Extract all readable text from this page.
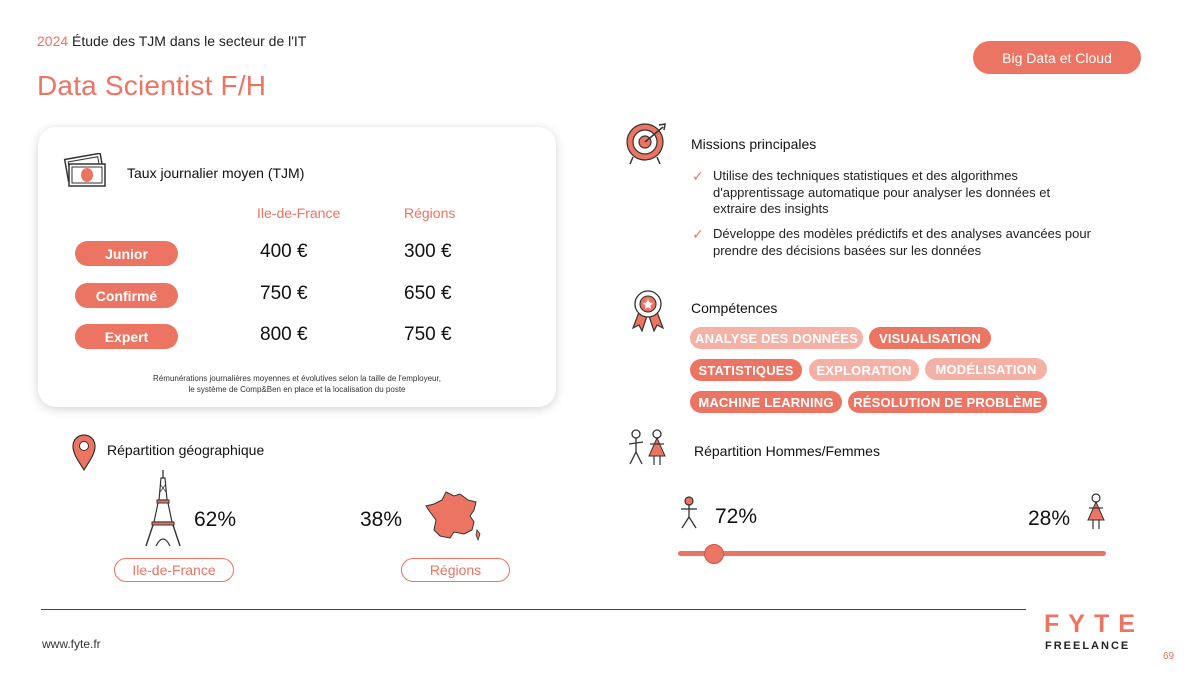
2024 Étude des TJM dans le secteur de l'IT
Data Scientist F/H
Big Data et Cloud
Taux journalier moyen (TJM)
Ile-de-France	Régions
Junior	400 €	300 €
Confirmé	750 €	650 €
Expert	800 €	750 €
Rémunérations journalières moyennes et évolutives selon la taille de l'employeur,
le système de Comp&Ben en place et la localisation du poste
Missions principales
✓ Utilise des techniques statistiques et des algorithmes d'apprentissage automatique pour analyser les données et extraire des insights
✓ Développe des modèles prédictifs et des analyses avancées pour prendre des décisions basées sur les données
Compétences
ANALYSE DES DONNÉES	VISUALISATION
STATISTIQUES	EXPLORATION	MODÉLISATION
MACHINE LEARNING	RÉSOLUTION DE PROBLÈME
Répartition géographique
62%	38%
Ile-de-France	Régions
Répartition Hommes/Femmes
72%	28%
www.fyte.fr
FYTE
FREELANCE
69
